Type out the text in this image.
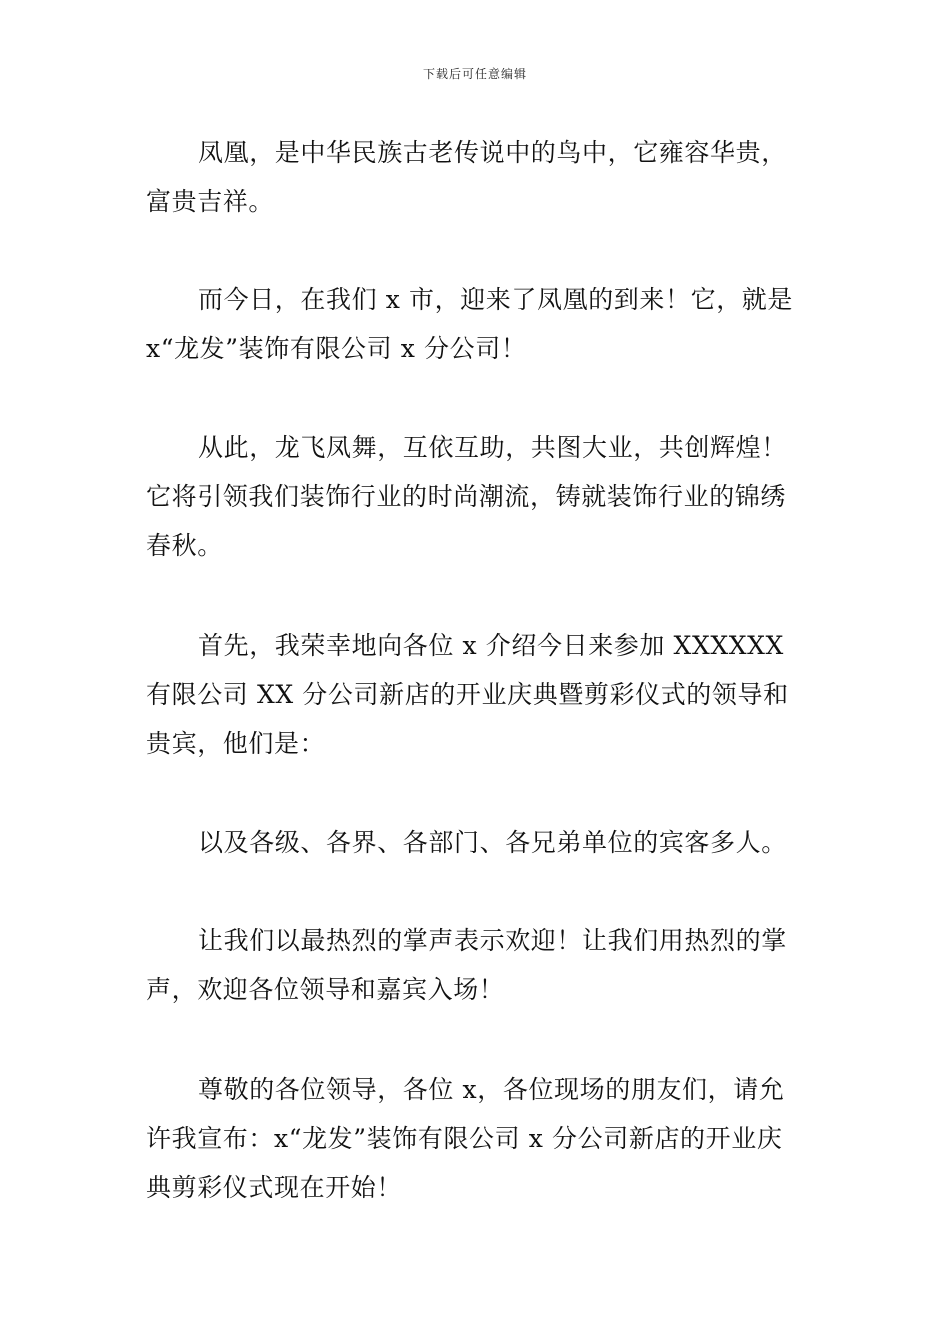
下载后可任意编辑

凤凰，是中华民族古老传说中的鸟中，它雍容华贵，富贵吉祥。

而今日，在我们 x 市，迎来了凤凰的到来！它，就是 x“龙发”装饰有限公司 x 分公司！

从此，龙飞凤舞，互依互助，共图大业，共创辉煌！它将引领我们装饰行业的时尚潮流，铸就装饰行业的锦绣春秋。

首先，我荣幸地向各位 x 介绍今日来参加 XXXXXX 有限公司 XX 分公司新店的开业庆典暨剪彩仪式的领导和贵宾，他们是：

以及各级、各界、各部门、各兄弟单位的宾客多人。

让我们以最热烈的掌声表示欢迎！让我们用热烈的掌声，欢迎各位领导和嘉宾入场！

尊敬的各位领导，各位 x，各位现场的朋友们，请允许我宣布：x“龙发”装饰有限公司 x 分公司新店的开业庆典剪彩仪式现在开始！
